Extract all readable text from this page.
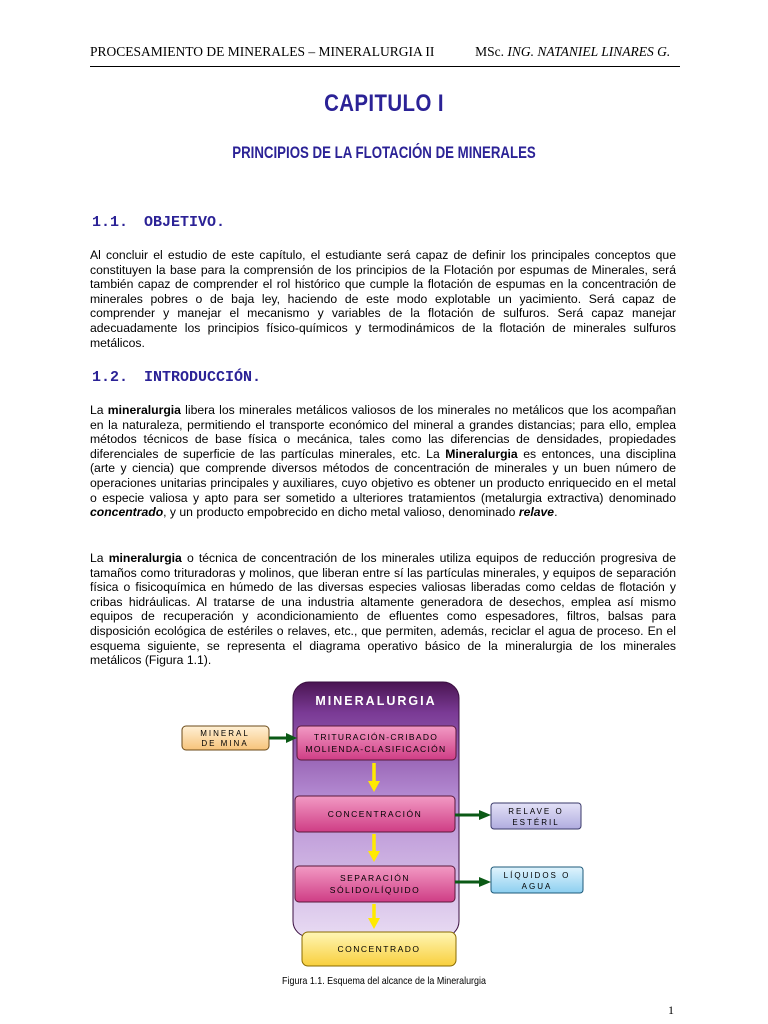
PROCESAMIENTO DE MINERALES – MINERALURGIA II	MSc. ING. NATANIEL LINARES G.
CAPITULO I
PRINCIPIOS DE LA FLOTACIÓN DE MINERALES
1.1. OBJETIVO.
Al concluir el estudio de este capítulo, el estudiante será capaz de definir los principales conceptos que constituyen la base para la comprensión de los principios de la Flotación por espumas de Minerales, será también capaz de comprender el rol histórico que cumple la flotación de espumas en la concentración de minerales pobres o de baja ley, haciendo de este modo explotable un yacimiento. Será capaz de comprender y manejar el mecanismo y variables de la flotación de sulfuros. Será capaz manejar adecuadamente los principios físico-químicos y termodinámicos de la flotación de minerales sulfuros metálicos.
1.2. INTRODUCCIÓN.
La mineralurgia libera los minerales metálicos valiosos de los minerales no metálicos que los acompañan en la naturaleza, permitiendo el transporte económico del mineral a grandes distancias; para ello, emplea métodos técnicos de base física o mecánica, tales como las diferencias de densidades, propiedades diferenciales de superficie de las partículas minerales, etc. La Mineralurgia es entonces, una disciplina (arte y ciencia) que comprende diversos métodos de concentración de minerales y un buen número de operaciones unitarias principales y auxiliares, cuyo objetivo es obtener un producto enriquecido en el metal o especie valiosa y apto para ser sometido a ulteriores tratamientos (metalurgia extractiva) denominado concentrado, y un producto empobrecido en dicho metal valioso, denominado relave.
La mineralurgia o técnica de concentración de los minerales utiliza equipos de reducción progresiva de tamaños como trituradoras y molinos, que liberan entre sí las partículas minerales, y equipos de separación física o fisicoquímica en húmedo de las diversas especies valiosas liberadas como celdas de flotación y cribas hidráulicas. Al tratarse de una industria altamente generadora de desechos, emplea así mismo equipos de recuperación y acondicionamiento de efluentes como espesadores, filtros, balsas para disposición ecológica de estériles o relaves, etc., que permiten, además, reciclar el agua de proceso. En el esquema siguiente, se representa el diagrama operativo básico de la mineralurgia de los minerales metálicos (Figura 1.1).
MINERALURGIA
TRITURACIÓN-CRIBADO
MOLIENDA-CLASIFICACIÓN
CONCENTRACIÓN
SEPARACIÓN
SÓLIDO/LÍQUIDO
CONCENTRADO
MINERAL
DE MINA
RELAVE O
ESTÉRIL
LÍQUIDOS O
AGUA
Figura 1.1. Esquema del alcance de la Mineralurgia
1
